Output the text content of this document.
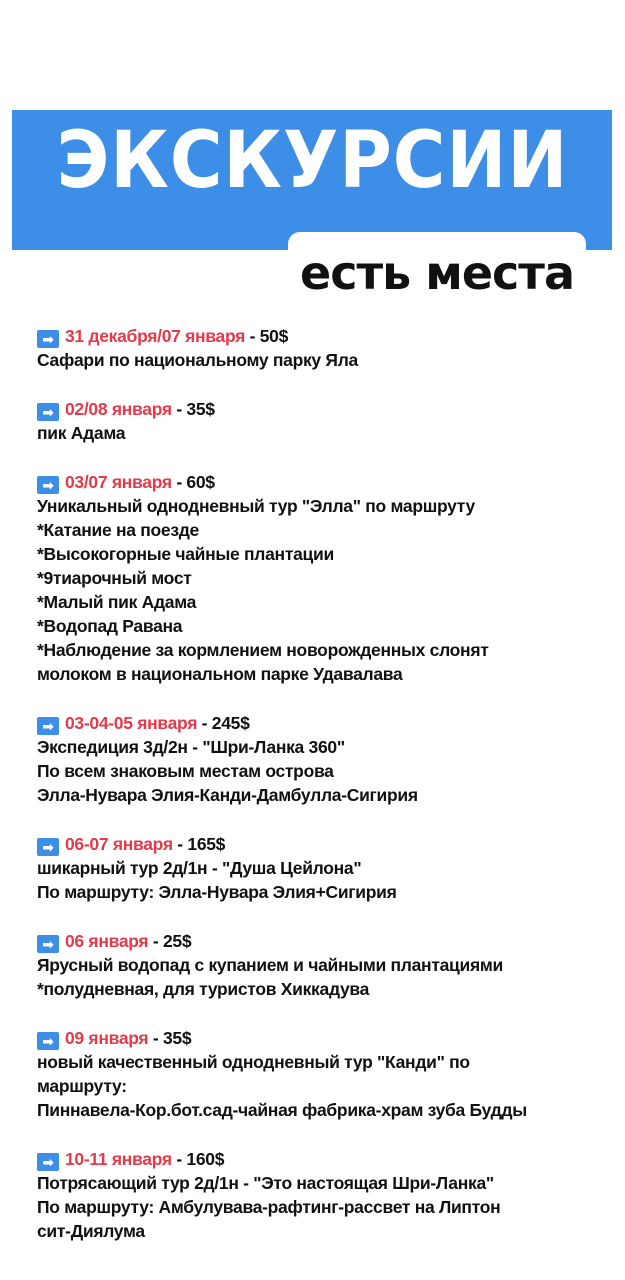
ЭКСКУРСИИ
есть места
➡ 31 декабря/07 января - 50$
Сафари по национальному парку Яла
➡ 02/08 января - 35$
пик Адама
➡ 03/07 января - 60$
Уникальный однодневный тур "Элла" по маршруту
*Катание на поезде
*Высокогорные чайные плантации
*9тиарочный мост
*Малый пик Адама
*Водопад Равана
*Наблюдение за кормлением новорожденных слонят
молоком в национальном парке Удавалава
➡ 03-04-05 января - 245$
Экспедиция 3д/2н - "Шри-Ланка 360"
По всем знаковым местам острова
Элла-Нувара Элия-Канди-Дамбулла-Сигирия
➡ 06-07 января - 165$
шикарный тур 2д/1н - "Душа Цейлона"
По маршруту: Элла-Нувара Элия+Сигирия
➡ 06 января - 25$
Ярусный водопад с купанием и чайными плантациями
*полудневная, для туристов Хиккадува
➡ 09 января - 35$
новый качественный однодневный тур "Канди" по
маршруту:
Пиннавела-Кор.бот.сад-чайная фабрика-храм зуба Будды
➡ 10-11 января - 160$
Потрясающий тур 2д/1н - "Это настоящая Шри-Ланка"
По маршруту: Амбулувава-рафтинг-рассвет на Липтон
сит-Диялума
